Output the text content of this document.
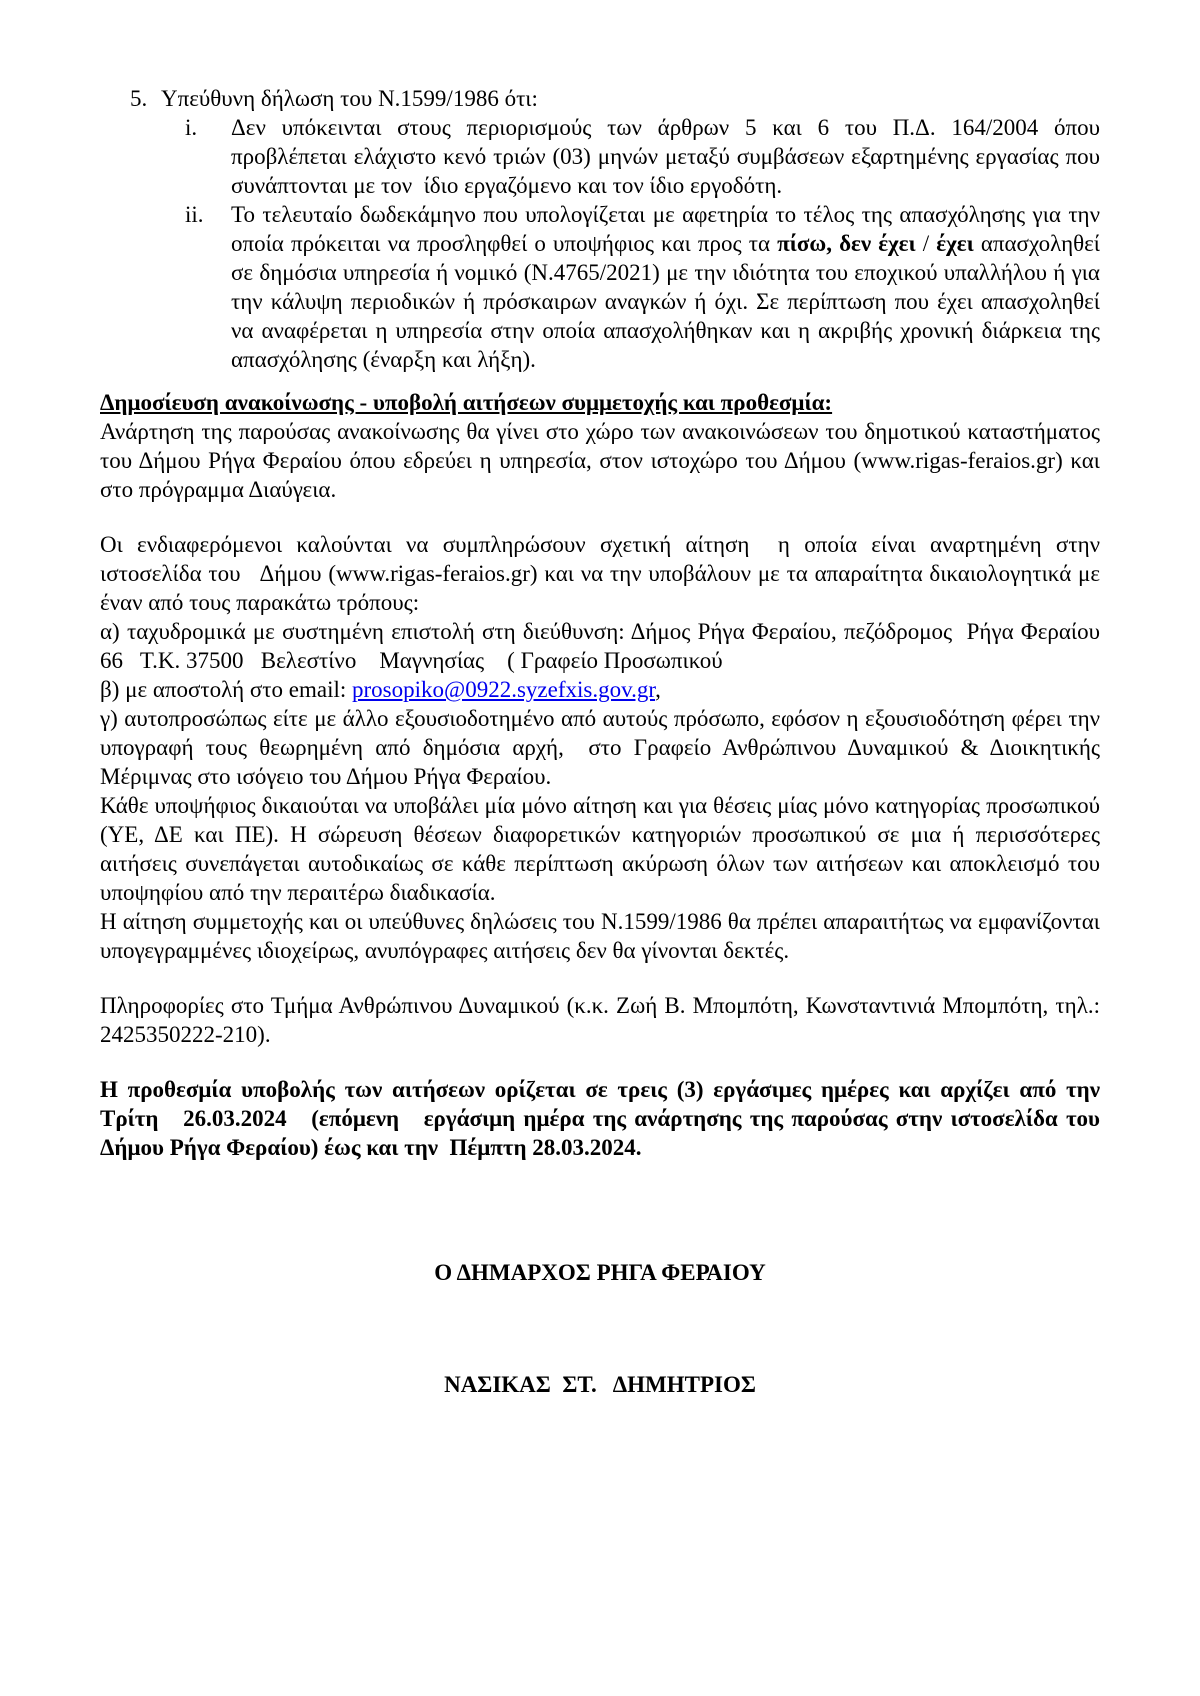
5. Υπεύθυνη δήλωση του Ν.1599/1986 ότι:
i.	Δεν υπόκεινται στους περιορισμούς των άρθρων 5 και 6 του Π.Δ. 164/2004 όπου προβλέπεται ελάχιστο κενό τριών (03) μηνών μεταξύ συμβάσεων εξαρτημένης εργασίας που συνάπτονται με τον  ίδιο εργαζόμενο και τον ίδιο εργοδότη.
ii.	Το τελευταίο δωδεκάμηνο που υπολογίζεται με αφετηρία το τέλος της απασχόλησης για την οποία πρόκειται να προσληφθεί ο υποψήφιος και προς τα πίσω, δεν έχει / έχει απασχοληθεί σε δημόσια υπηρεσία ή νομικό (Ν.4765/2021) με την ιδιότητα του εποχικού υπαλλήλου ή για την κάλυψη περιοδικών ή πρόσκαιρων αναγκών ή όχι. Σε περίπτωση που έχει απασχοληθεί να αναφέρεται η υπηρεσία στην οποία απασχολήθηκαν και η ακριβής χρονική διάρκεια της απασχόλησης (έναρξη και λήξη).
Δημοσίευση ανακοίνωσης - υποβολή αιτήσεων συμμετοχής και προθεσμία:

Ανάρτηση της παρούσας ανακοίνωσης θα γίνει στο χώρο των ανακοινώσεων του δημοτικού καταστήματος του Δήμου Ρήγα Φεραίου όπου εδρεύει η υπηρεσία, στον ιστοχώρο του Δήμου (www.rigas-feraios.gr) και στο πρόγραμμα Διαύγεια.

Οι ενδιαφερόμενοι καλούνται να συμπληρώσουν σχετική αίτηση  η οποία είναι αναρτημένη στην ιστοσελίδα του   Δήμου (www.rigas-feraios.gr) και να την υποβάλουν με τα απαραίτητα δικαιολογητικά με έναν από τους παρακάτω τρόπους:

α) ταχυδρομικά με συστημένη επιστολή στη διεύθυνση: Δήμος Ρήγα Φεραίου, πεζόδρομος  Ρήγα Φεραίου 66   Τ.Κ. 37500   Βελεστίνο    Μαγνησίας    ( Γραφείο Προσωπικού

β) με αποστολή στο email: prosopiko@0922.syzefxis.gov.gr,

γ) αυτοπροσώπως είτε με άλλο εξουσιοδοτημένο από αυτούς πρόσωπο, εφόσον η εξουσιοδότηση φέρει την υπογραφή τους θεωρημένη από δημόσια αρχή,  στο Γραφείο Ανθρώπινου Δυναμικού & Διοικητικής Μέριμνας στο ισόγειο του Δήμου Ρήγα Φεραίου.

Κάθε υποψήφιος δικαιούται να υποβάλει μία μόνο αίτηση και για θέσεις μίας μόνο κατηγορίας προσωπικού (ΥΕ, ΔΕ και ΠΕ). Η σώρευση θέσεων διαφορετικών κατηγοριών προσωπικού σε μια ή περισσότερες αιτήσεις συνεπάγεται αυτοδικαίως σε κάθε περίπτωση ακύρωση όλων των αιτήσεων και αποκλεισμό του υποψηφίου από την περαιτέρω διαδικασία.

Η αίτηση συμμετοχής και οι υπεύθυνες δηλώσεις του Ν.1599/1986 θα πρέπει απαραιτήτως να εμφανίζονται υπογεγραμμένες ιδιοχείρως, ανυπόγραφες αιτήσεις δεν θα γίνονται δεκτές.

Πληροφορίες στο Τμήμα Ανθρώπινου Δυναμικού (κ.κ. Ζωή Β. Μπομπότη, Κωνσταντινιά Μπομπότη, τηλ.: 2425350222-210).

Η προθεσμία υποβολής των αιτήσεων ορίζεται σε τρεις (3) εργάσιμες ημέρες και αρχίζει από την Τρίτη   26.03.2024   (επόμενη   εργάσιμη ημέρα της ανάρτησης της παρούσας στην ιστοσελίδα του Δήμου Ρήγα Φεραίου) έως και την  Πέμπτη 28.03.2024.

Ο ΔΗΜΑΡΧΟΣ ΡΗΓΑ ΦΕΡΑΙΟΥ
ΝΑΣΙΚΑΣ  ΣΤ.   ΔΗΜΗΤΡΙΟΣ
